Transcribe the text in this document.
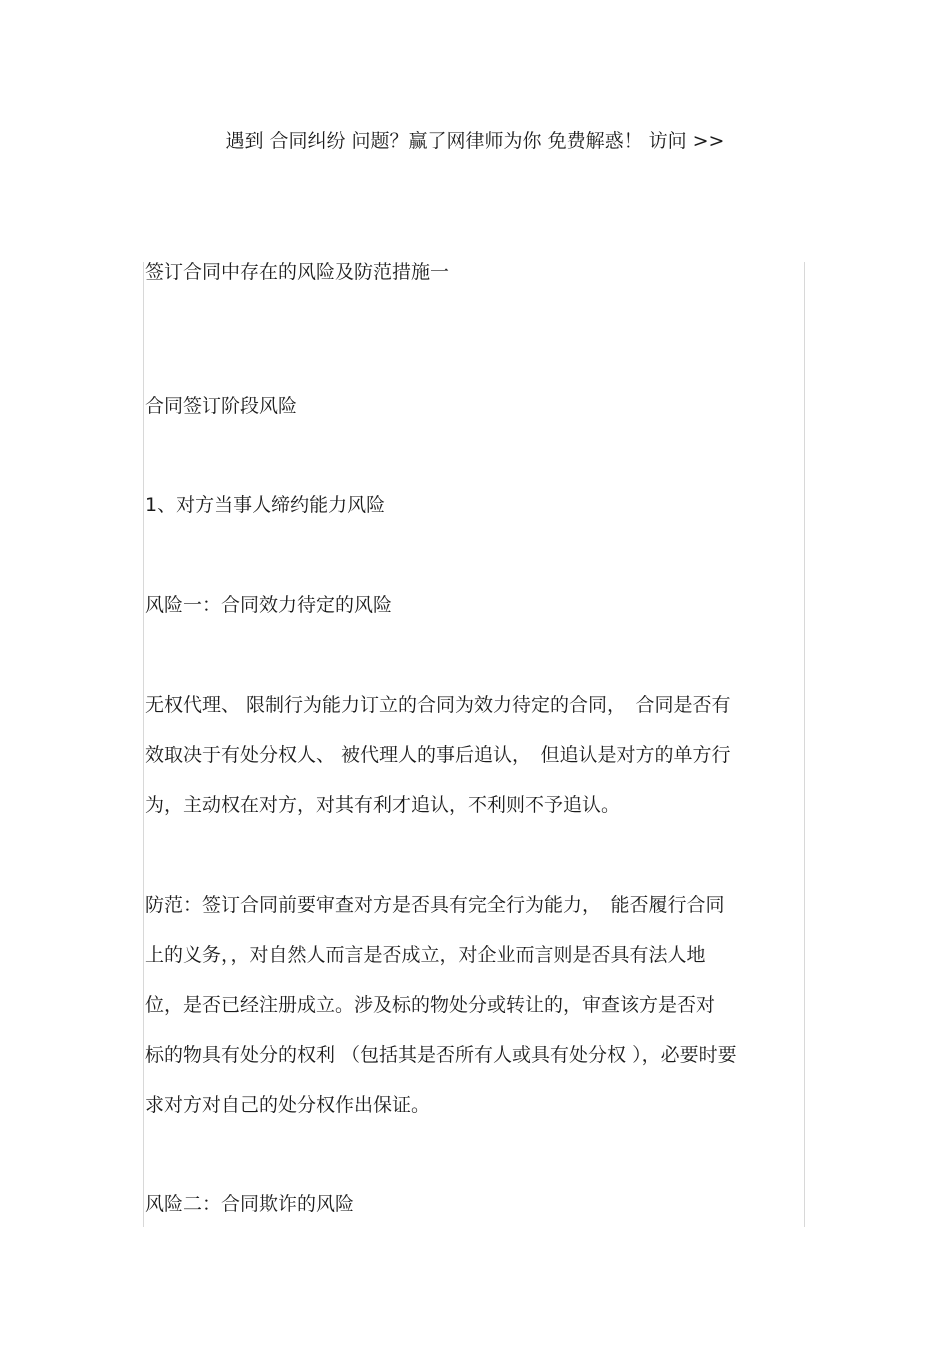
遇到 合同纠纷 问题？赢了网律师为你 免费解惑！ 访问 >>
签订合同中存在的风险及防范措施一
合同签订阶段风险
1、对方当事人缔约能力风险
风险一：合同效力待定的风险
无权代理、 限制行为能力订立的合同为效力待定的合同，　合同是否有
效取决于有处分权人、 被代理人的事后追认，　但追认是对方的单方行
为，主动权在对方，对其有利才追认，不利则不予追认。
防范：签订合同前要审查对方是否具有完全行为能力，　能否履行合同
上的义务，，对自然人而言是否成立，对企业而言则是否具有法人地
位，是否已经注册成立。涉及标的物处分或转让的，审查该方是否对
标的物具有处分的权利 （包括其是否所有人或具有处分权 ），必要时要
求对方对自己的处分权作出保证。
风险二：合同欺诈的风险
